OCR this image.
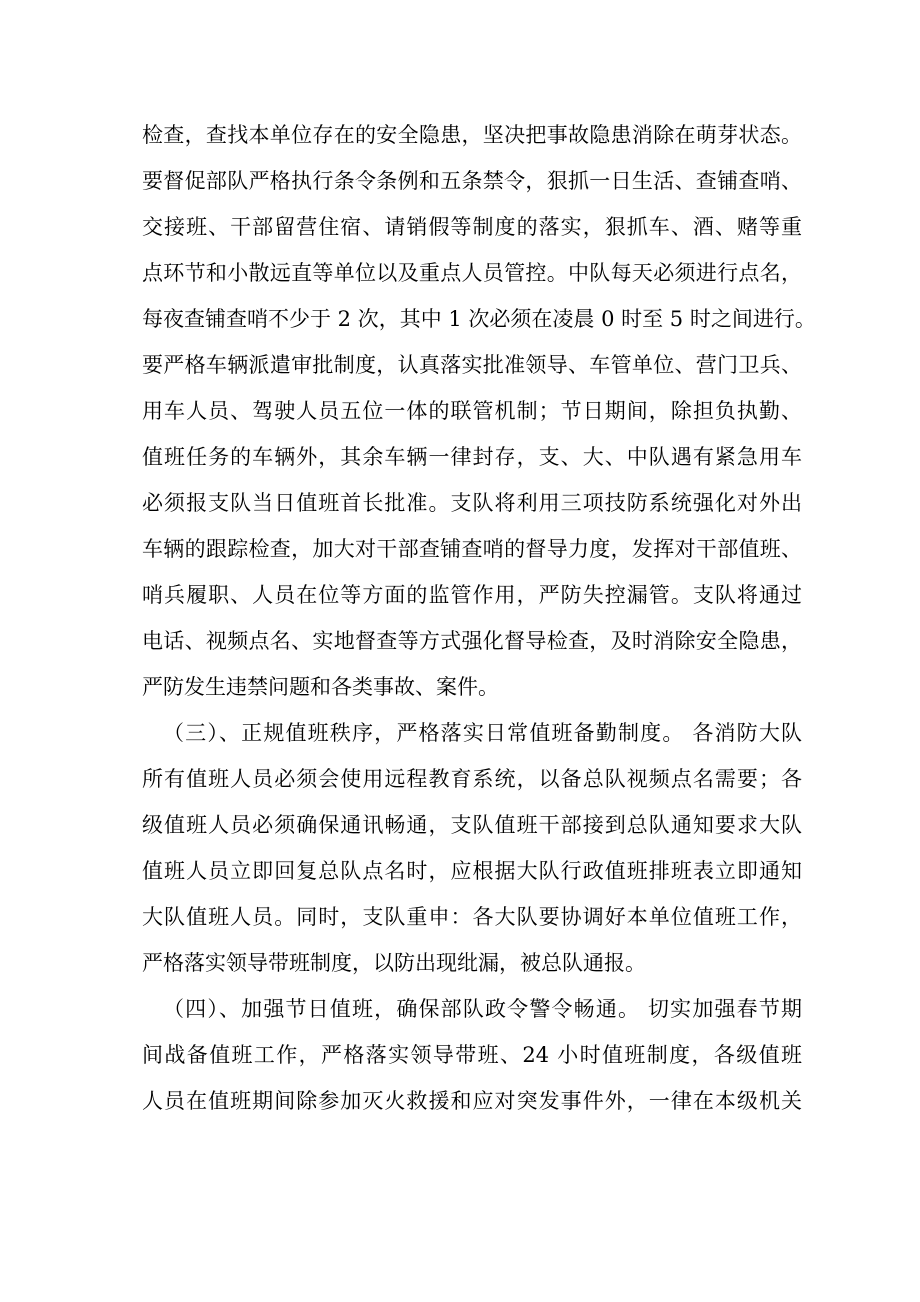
检查，查找本单位存在的安全隐患，坚决把事故隐患消除在萌芽状态。
要督促部队严格执行条令条例和五条禁令，狠抓一日生活、查铺查哨、
交接班、干部留营住宿、请销假等制度的落实，狠抓车、酒、赌等重
点环节和小散远直等单位以及重点人员管控。中队每天必须进行点名，
每夜查铺查哨不少于 2 次，其中 1 次必须在凌晨 0 时至 5 时之间进行。
要严格车辆派遣审批制度，认真落实批准领导、车管单位、营门卫兵、
用车人员、驾驶人员五位一体的联管机制；节日期间，除担负执勤、
值班任务的车辆外，其余车辆一律封存，支、大、中队遇有紧急用车
必须报支队当日值班首长批准。支队将利用三项技防系统强化对外出
车辆的跟踪检查，加大对干部查铺查哨的督导力度，发挥对干部值班、
哨兵履职、人员在位等方面的监管作用，严防失控漏管。支队将通过
电话、视频点名、实地督查等方式强化督导检查，及时消除安全隐患，
严防发生违禁问题和各类事故、案件。
（三）、正规值班秩序，严格落实日常值班备勤制度。 各消防大队
所有值班人员必须会使用远程教育系统，以备总队视频点名需要；各
级值班人员必须确保通讯畅通，支队值班干部接到总队通知要求大队
值班人员立即回复总队点名时，应根据大队行政值班排班表立即通知
大队值班人员。同时，支队重申：各大队要协调好本单位值班工作，
严格落实领导带班制度，以防出现纰漏，被总队通报。
（四）、加强节日值班，确保部队政令警令畅通。 切实加强春节期
间战备值班工作，严格落实领导带班、24 小时值班制度，各级值班
人员在值班期间除参加灭火救援和应对突发事件外，一律在本级机关
